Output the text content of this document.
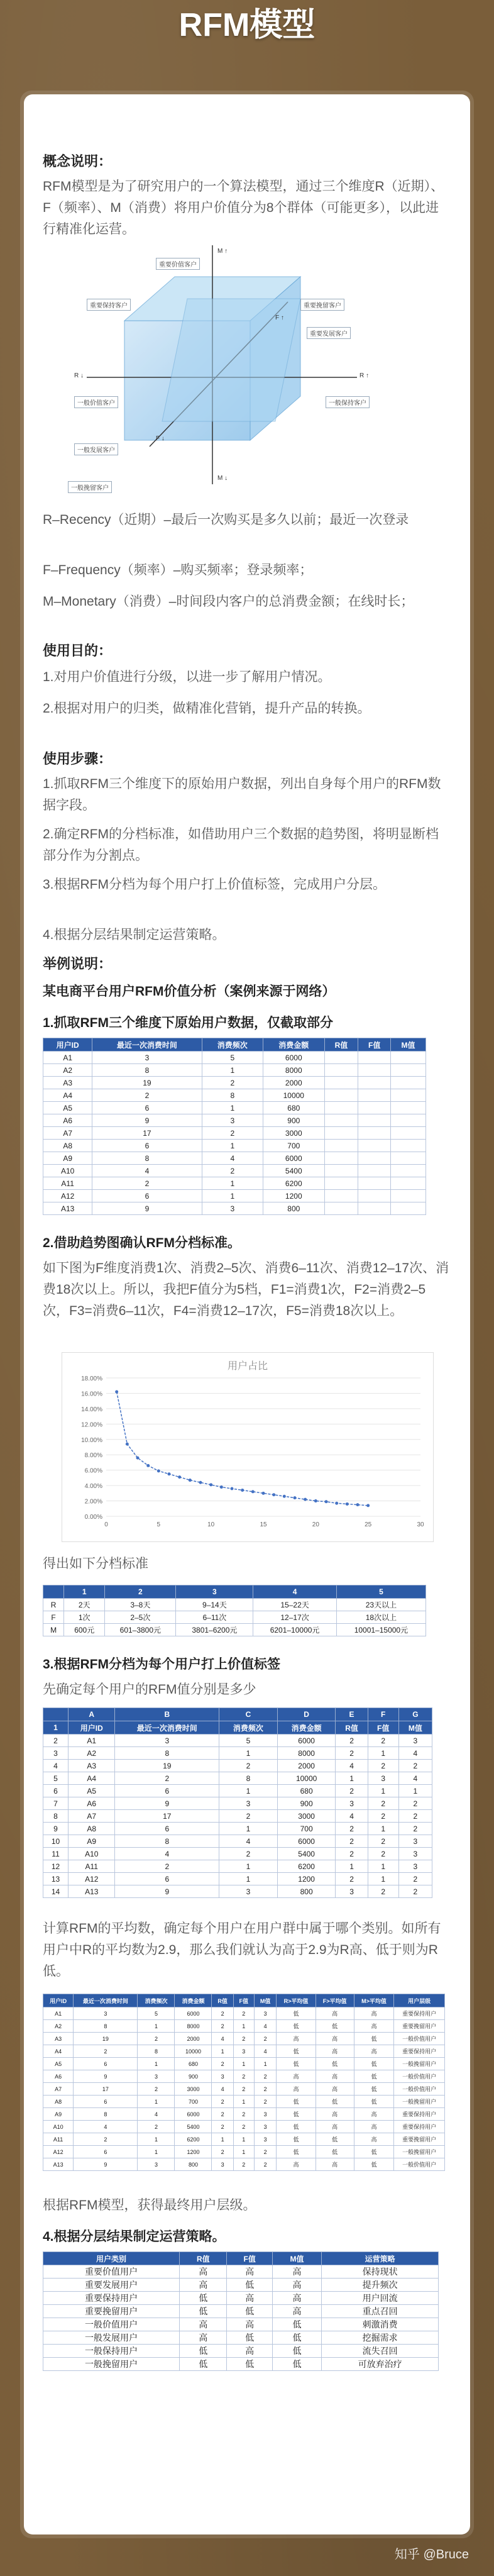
RFM模型
概念说明：
RFM模型是为了研究用户的一个算法模型，通过三个维度R（近期）、F（频率）、M（消费）将用户价值分为8个群体（可能更多），以此进行精准化运营。
重要价值客户
重要保持客户
重要发展客户
重要挽留客户
一般价值客户	一般保持客户
一般发展客户
一般挽留客户
M ↑
F ↑
R ↑
F ↓
M ↓
R ↓
R–Recency（近期）–最后一次购买是多久以前；最近一次登录
F–Frequency（频率）–购买频率；登录频率；
M–Monetary（消费）–时间段内客户的总消费金额；在线时长；
使用目的：
1.对用户价值进行分级，以进一步了解用户情况。
2.根据对用户的归类，做精准化营销，提升产品的转换。
使用步骤：
1.抓取RFM三个维度下的原始用户数据，列出自身每个用户的RFM数据字段。
2.确定RFM的分档标准，如借助用户三个数据的趋势图，将明显断档部分作为分割点。
3.根据RFM分档为每个用户打上价值标签，完成用户分层。
4.根据分层结果制定运营策略。
举例说明：
某电商平台用户RFM价值分析（案例来源于网络）
1.抓取RFM三个维度下原始用户数据，仅截取部分
用户ID	最近一次消费时间	消费频次	消费金额	R值	F值	M值
A1	3	5	6000			
A2	8	1	8000			
A3	19	2	2000			
A4	2	8	10000			
A5	6	1	680			
A6	9	3	900			
A7	17	2	3000			
A8	6	1	700			
A9	8	4	6000			
A10	4	2	5400			
A11	2	1	6200			
A12	6	1	1200			
A13	9	3	800			
2.借助趋势图确认RFM分档标准。
如下图为F维度消费1次、消费2–5次、消费6–11次、消费12–17次、消费18次以上。所以，我把F值分为5档，F1=消费1次，F2=消费2–5次，F3=消费6–11次，F4=消费12–17次，F5=消费18次以上。
用户占比
0.00%
2.00%
4.00%
6.00%
8.00%
10.00%
12.00%
14.00%
16.00%
18.00%
0	5	10	15	20	25	30
得出如下分档标准
	1	2	3	4	5
R	2天	3–8天	9–14天	15–22天	23天以上
F	1次	2–5次	6–11次	12–17次	18次以上
M	600元	601–3800元	3801–6200元	6201–10000元	10001–15000元
3.根据RFM分档为每个用户打上价值标签
先确定每个用户的RFM值分别是多少
	A	B	C	D	E	F	G
1	用户ID	最近一次消费时间	消费频次	消费金额	R值	F值	M值
2	A1	3	5	6000	2	2	3
3	A2	8	1	8000	2	1	4
4	A3	19	2	2000	4	2	2
5	A4	2	8	10000	1	3	4
6	A5	6	1	680	2	1	1
7	A6	9	3	900	3	2	2
8	A7	17	2	3000	4	2	2
9	A8	6	1	700	2	1	2
10	A9	8	4	6000	2	2	3
11	A10	4	2	5400	2	2	3
12	A11	2	1	6200	1	1	3
13	A12	6	1	1200	2	1	2
14	A13	9	3	800	3	2	2
计算RFM的平均数，确定每个用户在用户群中属于哪个类别。如所有用户中R的平均数为2.9，那么我们就认为高于2.9为R高、低于则为R低。
用户ID	最近一次消费时间	消费频次	消费金额	R值	F值	M值	R>平均值	F>平均值	M>平均值	用户层级
A1	3	5	6000	2	2	3	低	高	高	重要保持用户
A2	8	1	8000	2	1	4	低	低	高	重要挽留用户
A3	19	2	2000	4	2	2	高	高	低	一般价值用户
A4	2	8	10000	1	3	4	低	高	高	重要保持用户
A5	6	1	680	2	1	1	低	低	低	一般挽留用户
A6	9	3	900	3	2	2	高	高	低	一般价值用户
A7	17	2	3000	4	2	2	高	高	低	一般价值用户
A8	6	1	700	2	1	2	低	低	低	一般挽留用户
A9	8	4	6000	2	2	3	低	高	高	重要保持用户
A10	4	2	5400	2	2	3	低	高	高	重要保持用户
A11	2	1	6200	1	1	3	低	低	高	重要挽留用户
A12	6	1	1200	2	1	2	低	低	低	一般挽留用户
A13	9	3	800	3	2	2	高	高	低	一般价值用户
根据RFM模型，获得最终用户层级。
4.根据分层结果制定运营策略。
用户类别	R值	F值	M值	运营策略
重要价值用户	高	高	高	保持现状
重要发展用户	高	低	高	提升频次
重要保持用户	低	高	高	用户回流
重要挽留用户	低	低	高	重点召回
一般价值用户	高	高	低	刺激消费
一般发展用户	高	低	低	挖掘需求
一般保持用户	低	高	低	流失召回
一般挽留用户	低	低	低	可放弃治疗
知乎 @Bruce
